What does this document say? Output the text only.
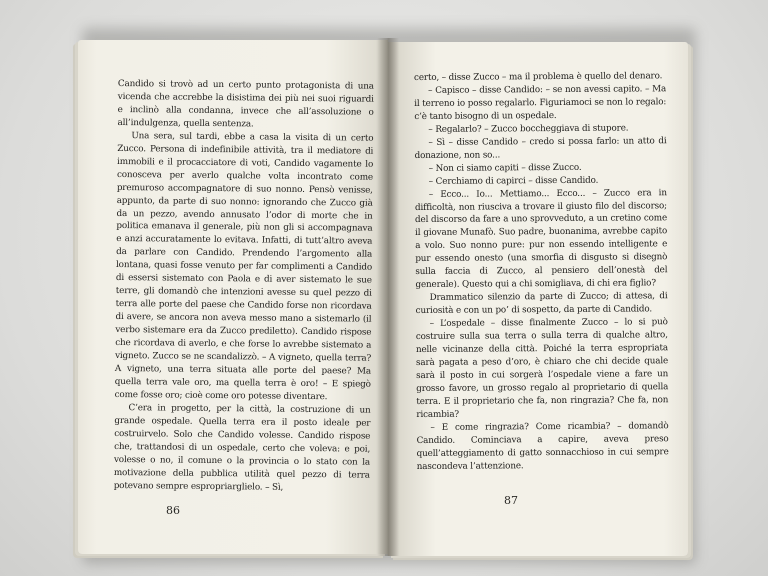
Candido si trovò ad un certo punto protagonista di una vicenda che accrebbe la disistima dei più nei suoi riguardi e inclinò alla condanna, invece che all’assoluzione o all’indulgenza, quella sentenza.

Una sera, sul tardi, ebbe a casa la visita di un certo Zucco. Persona di indefinibile attività, tra il mediatore di immobili e il procacciatore di voti, Candido vagamente lo conosceva per averlo qualche volta incontrato come premuroso accompagnatore di suo nonno. Pensò venisse, appunto, da parte di suo nonno: ignorando che Zucco già da un pezzo, avendo annusato l’odor di morte che in politica emanava il generale, più non gli si accompagnava e anzi accuratamente lo evitava. Infatti, di tutt’altro aveva da parlare con Candido. Prendendo l’argomento alla lontana, quasi fosse venuto per far complimenti a Candido di essersi sistemato con Paola e di aver sistemato le sue terre, gli domandò che intenzioni avesse su quel pezzo di terra alle porte del paese che Candido forse non ricordava di avere, se ancora non aveva messo mano a sistemarlo (il verbo sistemare era da Zucco prediletto). Candido rispose che ricordava di averlo, e che forse lo avrebbe sistemato a vigneto. Zucco se ne scandalizzò. – A vigneto, quella terra? A vigneto, una terra situata alle porte del paese? Ma quella terra vale oro, ma quella terra è oro! – E spiegò come fosse oro; cioè come oro potesse diventare.

C’era in progetto, per la città, la costruzione di un grande ospedale. Quella terra era il posto ideale per costruirvelo. Solo che Candido volesse. Candido rispose che, trattandosi di un ospedale, certo che voleva: e poi, volesse o no, il comune o la provincia o lo stato con la motivazione della pubblica utilità quel pezzo di terra potevano sempre espropriarglielo. – Sì,

86

certo, – disse Zucco – ma il problema è quello del denaro.

– Capisco – disse Candido: – se non avessi capito. – Ma il terreno io posso regalarlo. Figuriamoci se non lo regalo: c’è tanto bisogno di un ospedale.

– Regalarlo? – Zucco boccheggiava di stupore.

– Sì – disse Candido – credo si possa farlo: un atto di donazione, non so...

– Non ci siamo capiti – disse Zucco.

– Cerchiamo di capirci – disse Candido.

– Ecco... Io... Mettiamo... Ecco... – Zucco era in difficoltà, non riusciva a trovare il giusto filo del discorso; del discorso da fare a uno sprovveduto, a un cretino come il giovane Munafò. Suo padre, buonanima, avrebbe capito a volo. Suo nonno pure: pur non essendo intelligente e pur essendo onesto (una smorfia di disgusto si disegnò sulla faccia di Zucco, al pensiero dell’onestà del generale). Questo qui a chi somigliava, di chi era figlio?

Drammatico silenzio da parte di Zucco; di attesa, di curiosità e con un po’ di sospetto, da parte di Candido.

– L’ospedale – disse finalmente Zucco – lo si può costruire sulla sua terra o sulla terra di qualche altro, nelle vicinanze della città. Poiché la terra espropriata sarà pagata a peso d’oro, è chiaro che chi decide quale sarà il posto in cui sorgerà l’ospedale viene a fare un grosso favore, un grosso regalo al proprietario di quella terra. E il proprietario che fa, non ringrazia? Che fa, non ricambia?

– E come ringrazia? Come ricambia? – domandò Candido. Cominciava a capire, aveva preso quell’atteggiamento di gatto sonnacchioso in cui sempre nascondeva l’attenzione.

87
